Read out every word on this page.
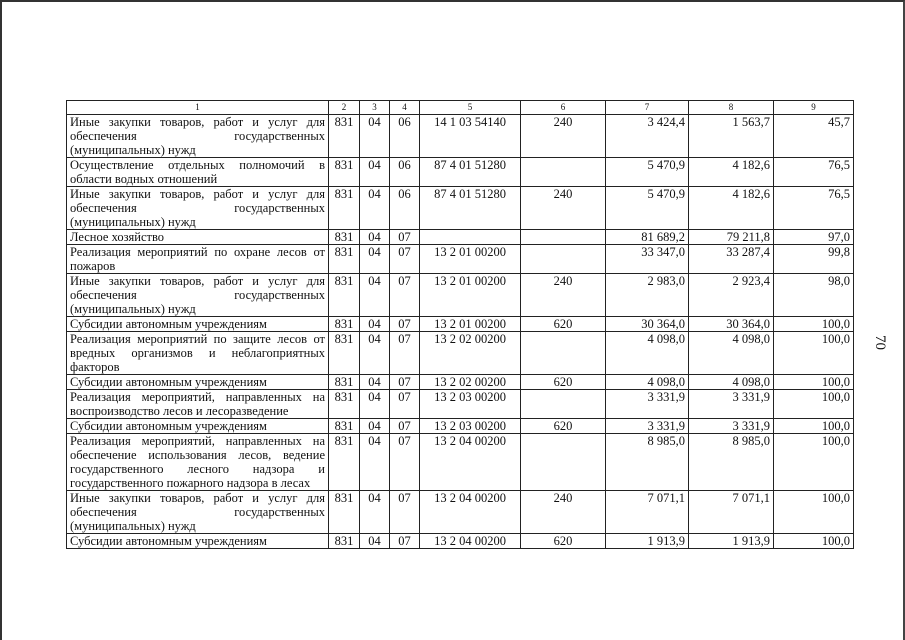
1	2	3	4	5	6	7	8	9
Иные закупки товаров, работ и услуг для обеспечения государственных (муниципальных) нужд	831	04	06	14 1 03 54140	240	3 424,4	1 563,7	45,7
Осуществление отдельных полномочий в области водных отношений	831	04	06	87 4 01 51280		5 470,9	4 182,6	76,5
Иные закупки товаров, работ и услуг для обеспечения государственных (муниципальных) нужд	831	04	06	87 4 01 51280	240	5 470,9	4 182,6	76,5
Лесное хозяйство	831	04	07			81 689,2	79 211,8	97,0
Реализация мероприятий по охране лесов от пожаров	831	04	07	13 2 01 00200		33 347,0	33 287,4	99,8
Иные закупки товаров, работ и услуг для обеспечения государственных (муниципальных) нужд	831	04	07	13 2 01 00200	240	2 983,0	2 923,4	98,0
Субсидии автономным учреждениям	831	04	07	13 2 01 00200	620	30 364,0	30 364,0	100,0
Реализация мероприятий по защите лесов от вредных организмов и неблагоприятных факторов	831	04	07	13 2 02 00200		4 098,0	4 098,0	100,0
Субсидии автономным учреждениям	831	04	07	13 2 02 00200	620	4 098,0	4 098,0	100,0
Реализация мероприятий, направленных на воспроизводство лесов и лесоразведение	831	04	07	13 2 03 00200		3 331,9	3 331,9	100,0
Субсидии автономным учреждениям	831	04	07	13 2 03 00200	620	3 331,9	3 331,9	100,0
Реализация мероприятий, направленных на обеспечение использования лесов, ведение государственного лесного надзора и государственного пожарного надзора в лесах	831	04	07	13 2 04 00200		8 985,0	8 985,0	100,0
Иные закупки товаров, работ и услуг для обеспечения государственных (муниципальных) нужд	831	04	07	13 2 04 00200	240	7 071,1	7 071,1	100,0
Субсидии автономным учреждениям	831	04	07	13 2 04 00200	620	1 913,9	1 913,9	100,0
70
